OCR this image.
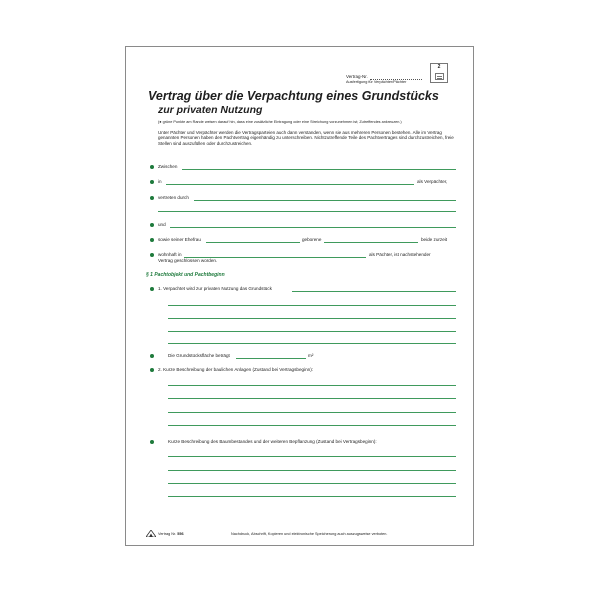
Vertrag-Nr.
Ausfertigung für Verpächter/Pächter
2
Vertrag über die Verpachtung eines Grundstücks
zur privaten Nutzung
(● grüne Punkte am Rande weisen darauf hin, dass eine zusätzliche Eintragung oder eine Streichung vorzunehmen ist; Zutreffendes ankreuzen.)
Unter Pächter und Verpächter werden die Vertragsparteien auch dann verstanden, wenn sie aus mehreren Personen bestehen. Alle im Vertrag genannten Personen haben den Pachtvertrag eigenhändig zu unterschreiben. Nichtzutreffende Teile des Pachtvertrages sind durchzustreichen, freie Stellen sind auszufüllen oder durchzustreichen.
Zwischen
in	als Verpächter,
vertreten durch
und
sowie seiner Ehefrau	geborene	beide zurzeit
wohnhaft in	als Pächter, ist nachstehender
Vertrag geschlossen worden.
§ 1 Pachtobjekt und Pachtbeginn
1. Verpachtet wird zur privaten Nutzung das Grundstück
Die Grundstücksfläche beträgt	m²
2. Kurze Beschreibung der baulichen Anlagen (Zustand bei Vertragsbeginn):
Kurze Beschreibung des Baumbestandes und der weiteren Bepflanzung (Zustand bei Vertragsbeginn):
Vertrag Nr. 556	Nachdruck, Abschrift, Kopieren und elektronische Speicherung auch auszugsweise verboten.
